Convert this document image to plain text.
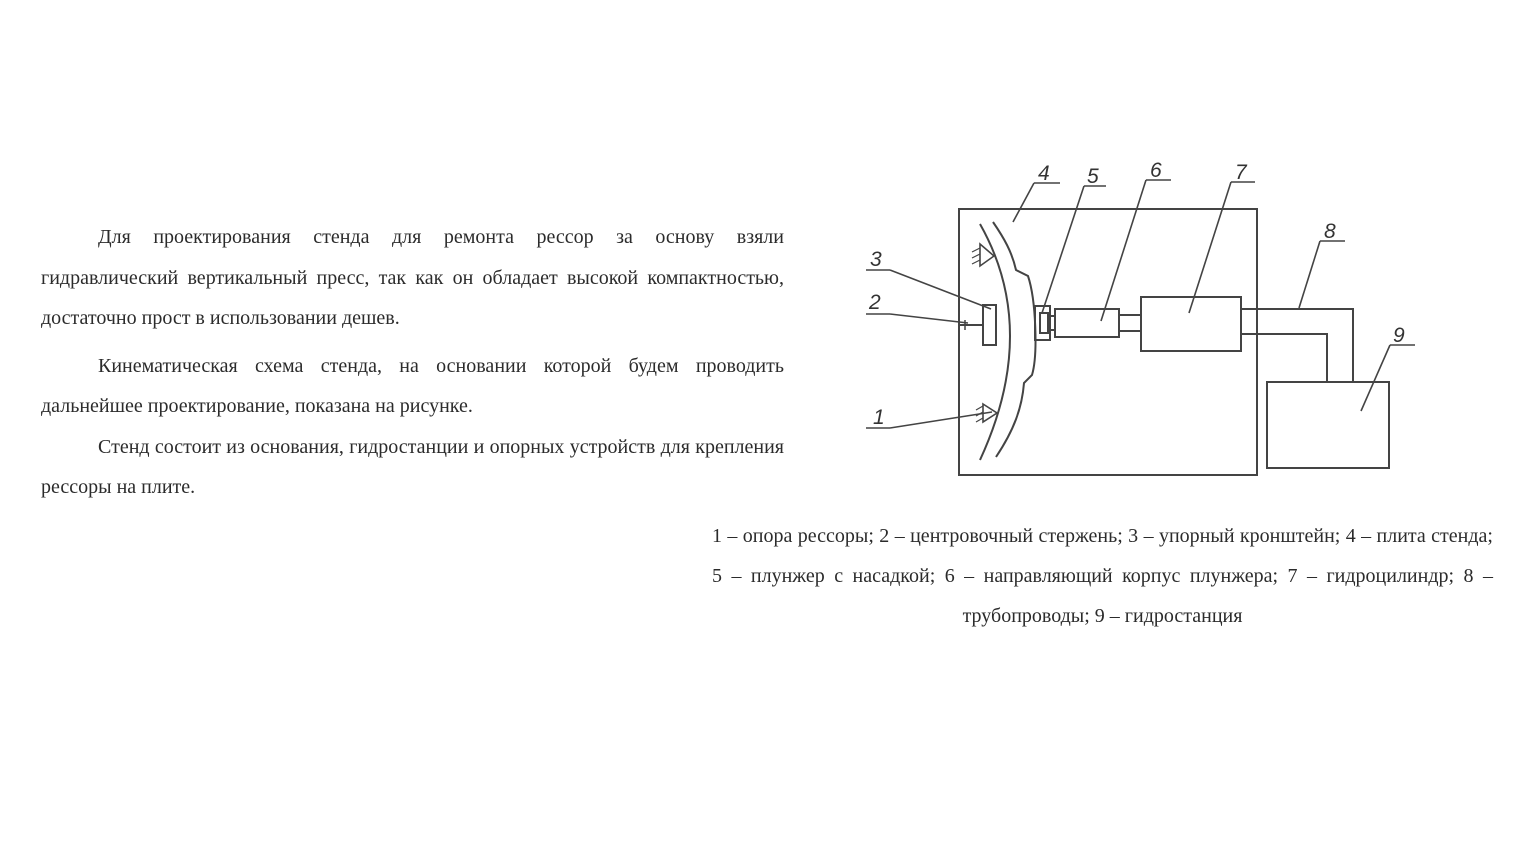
Для проектирования стенда для ремонта рессор за основу взяли гидравлический вертикальный пресс, так как он обладает высокой компактностью, достаточно прост в использовании дешев.

Кинематическая схема стенда, на основании которой будем проводить дальнейшее проектирование, показана на рисунке.

Стенд состоит из основания, гидростанции и опорных устройств для крепления рессоры на плите.

1
2
3
4 5 6	7
8
9
1 – опора рессоры; 2 – центровочный стержень; 3 – упорный кронштейн; 4 – плита стенда; 5 – плунжер с насадкой; 6 – направляющий корпус плунжера; 7 – гидроцилиндр; 8 – трубопроводы; 9 – гидростанция
